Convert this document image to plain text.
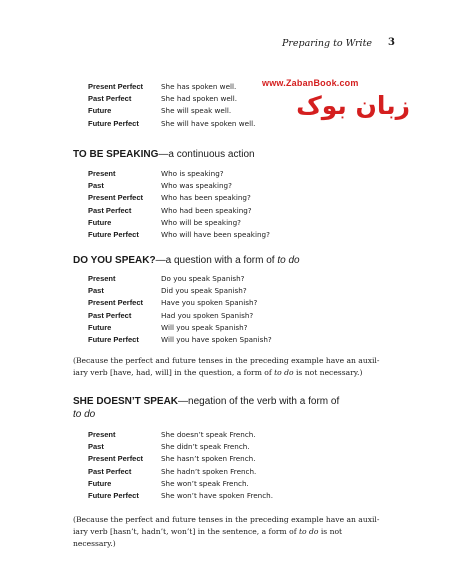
Preparing to Write 3
www.ZabanBook.com
زبان بوک
Present Perfect She has spoken well.
Past Perfect	She had spoken well.
Future	She will speak well.
Future Perfect	She will have spoken well.
TO BE SPEAKING—a continuous action
Present	Who is speaking?
Past	Who was speaking?
Present Perfect Who has been speaking?
Past Perfect	Who had been speaking?
Future	Who will be speaking?
Future Perfect	Who will have been speaking?
DO YOU SPEAK?—a question with a form of to do
Present	Do you speak Spanish?
Past	Did you speak Spanish?
Present Perfect Have you spoken Spanish?
Past Perfect	Had you spoken Spanish?
Future	Will you speak Spanish?
Future Perfect	Will you have spoken Spanish?
(Because the perfect and future tenses in the preceding example have an auxil-
iary verb [have, had, will] in the question, a form of to do is not necessary.)
SHE DOESN’T SPEAK—negation of the verb with a form of
to do
Present	She doesn’t speak French.
Past	She didn’t speak French.
Present Perfect She hasn’t spoken French.
Past Perfect	She hadn’t spoken French.
Future	She won’t speak French.
Future Perfect	She won’t have spoken French.
(Because the perfect and future tenses in the preceding example have an auxil-
iary verb [hasn’t, hadn’t, won’t] in the sentence, a form of to do is not necessary.)
